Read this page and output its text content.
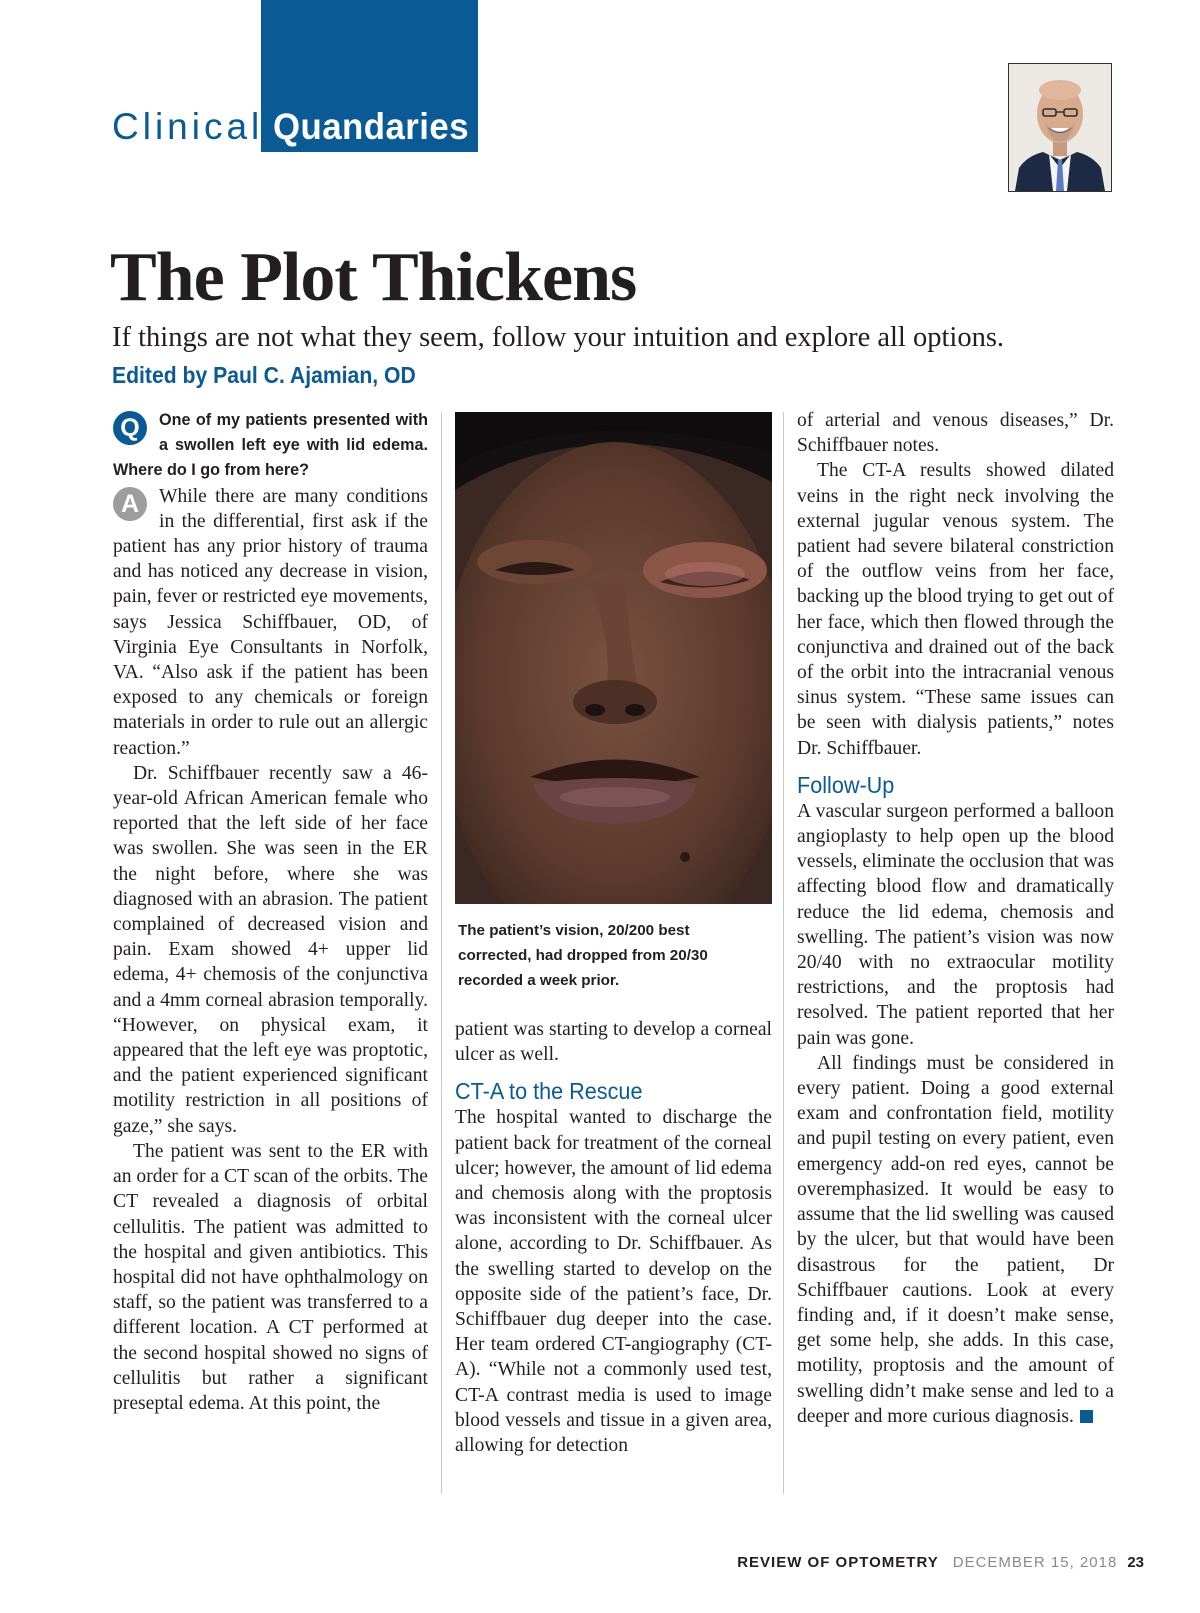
Clinical Quandaries
The Plot Thickens
If things are not what they seem, follow your intuition and explore all options.
Edited by Paul C. Ajamian, OD
Q	One of my patients presented with a swollen left eye with lid edema. Where do I go from here?

A	While there are many conditions in the differential, first ask if the patient has any prior history of trauma and has noticed any decrease in vision, pain, fever or restricted eye movements, says Jessica Schiffbauer, OD, of Virginia Eye Consultants in Norfolk, VA. “Also ask if the patient has been exposed to any chemicals or foreign materials in order to rule out an allergic reaction.”

Dr. Schiffbauer recently saw a 46-year-old African American female who reported that the left side of her face was swollen. She was seen in the ER the night before, where she was diagnosed with an abrasion. The patient complained of decreased vision and pain. Exam showed 4+ upper lid edema, 4+ chemosis of the conjunctiva and a 4mm corneal abrasion temporally. “However, on physical exam, it appeared that the left eye was proptotic, and the patient experienced significant motility restriction in all positions of gaze,” she says.

The patient was sent to the ER with an order for a CT scan of the orbits. The CT revealed a diagnosis of orbital cellulitis. The patient was admitted to the hospital and given antibiotics. This hospital did not have ophthalmology on staff, so the patient was transferred to a different location. A CT performed at the second hospital showed no signs of cellulitis but rather a significant preseptal edema. At this point, the

The patient’s vision, 20/200 best corrected, had dropped from 20/30 recorded a week prior.

patient was starting to develop a corneal ulcer as well.

CT-A to the Rescue

The hospital wanted to discharge the patient back for treatment of the corneal ulcer; however, the amount of lid edema and chemosis along with the proptosis was inconsistent with the corneal ulcer alone, according to Dr. Schiffbauer. As the swelling started to develop on the opposite side of the patient’s face, Dr. Schiffbauer dug deeper into the case. Her team ordered CT-angiography (CT-A). “While not a commonly used test, CT-A contrast media is used to image blood vessels and tissue in a given area, allowing for detection

of arterial and venous diseases,” Dr. Schiffbauer notes.

The CT-A results showed dilated veins in the right neck involving the external jugular venous system. The patient had severe bilateral constriction of the outflow veins from her face, backing up the blood trying to get out of her face, which then flowed through the conjunctiva and drained out of the back of the orbit into the intracranial venous sinus system. “These same issues can be seen with dialysis patients,” notes Dr. Schiffbauer.

Follow-Up

A vascular surgeon performed a balloon angioplasty to help open up the blood vessels, eliminate the occlusion that was affecting blood flow and dramatically reduce the lid edema, chemosis and swelling. The patient’s vision was now 20/40 with no extraocular motility restrictions, and the proptosis had resolved. The patient reported that her pain was gone.

All findings must be considered in every patient. Doing a good external exam and confrontation field, motility and pupil testing on every patient, even emergency add-on red eyes, cannot be overemphasized. It would be easy to assume that the lid swelling was caused by the ulcer, but that would have been disastrous for the patient, Dr Schiffbauer cautions. Look at every finding and, if it doesn’t make sense, get some help, she adds. In this case, motility, proptosis and the amount of swelling didn’t make sense and led to a deeper and more curious diagnosis.

REVIEW OF OPTOMETRY DECEMBER 15, 2018 23
